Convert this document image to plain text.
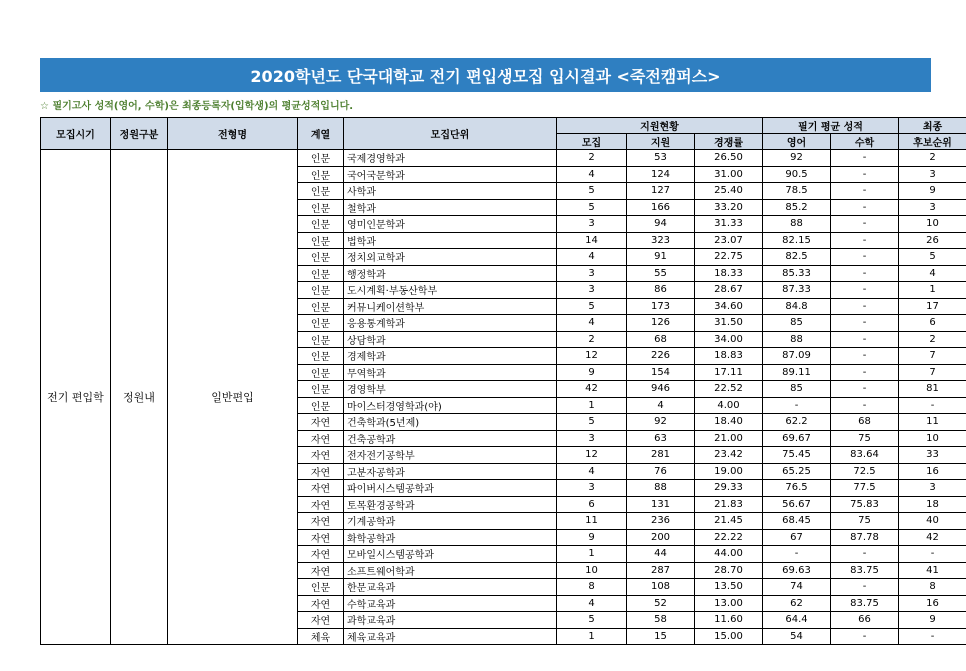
2020학년도 단국대학교 전기 편입생모집 입시결과 <죽전캠퍼스>
☆ 필기고사 성적(영어, 수학)은 최종등록자(입학생)의 평균성적입니다.
모집시기	정원구분	전형명	계열	모집단위	지원현황			필기 평균 성적		최종
					모집	지원	경쟁률	영어	수학	후보순위
전기 편입학	정원내	일반편입	인문	국제경영학과	2	53	26.50	92	-	2
			인문	국어국문학과	4	124	31.00	90.5	-	3
			인문	사학과	5	127	25.40	78.5	-	9
			인문	철학과	5	166	33.20	85.2	-	3
			인문	영미인문학과	3	94	31.33	88	-	10
			인문	법학과	14	323	23.07	82.15	-	26
			인문	정치외교학과	4	91	22.75	82.5	-	5
			인문	행정학과	3	55	18.33	85.33	-	4
			인문	도시계획·부동산학부	3	86	28.67	87.33	-	1
			인문	커뮤니케이션학부	5	173	34.60	84.8	-	17
			인문	응용통계학과	4	126	31.50	85	-	6
			인문	상담학과	2	68	34.00	88	-	2
			인문	경제학과	12	226	18.83	87.09	-	7
			인문	무역학과	9	154	17.11	89.11	-	7
			인문	경영학부	42	946	22.52	85	-	81
			인문	마이스터경영학과(야)	1	4	4.00	-	-	-
			자연	건축학과(5년제)	5	92	18.40	62.2	68	11
			자연	건축공학과	3	63	21.00	69.67	75	10
			자연	전자전기공학부	12	281	23.42	75.45	83.64	33
			자연	고분자공학과	4	76	19.00	65.25	72.5	16
			자연	파이버시스템공학과	3	88	29.33	76.5	77.5	3
			자연	토목환경공학과	6	131	21.83	56.67	75.83	18
			자연	기계공학과	11	236	21.45	68.45	75	40
			자연	화학공학과	9	200	22.22	67	87.78	42
			자연	모바일시스템공학과	1	44	44.00	-	-	-
			자연	소프트웨어학과	10	287	28.70	69.63	83.75	41
			인문	한문교육과	8	108	13.50	74	-	8
			자연	수학교육과	4	52	13.00	62	83.75	16
			자연	과학교육과	5	58	11.60	64.4	66	9
			체육	체육교육과	1	15	15.00	54	-	-
